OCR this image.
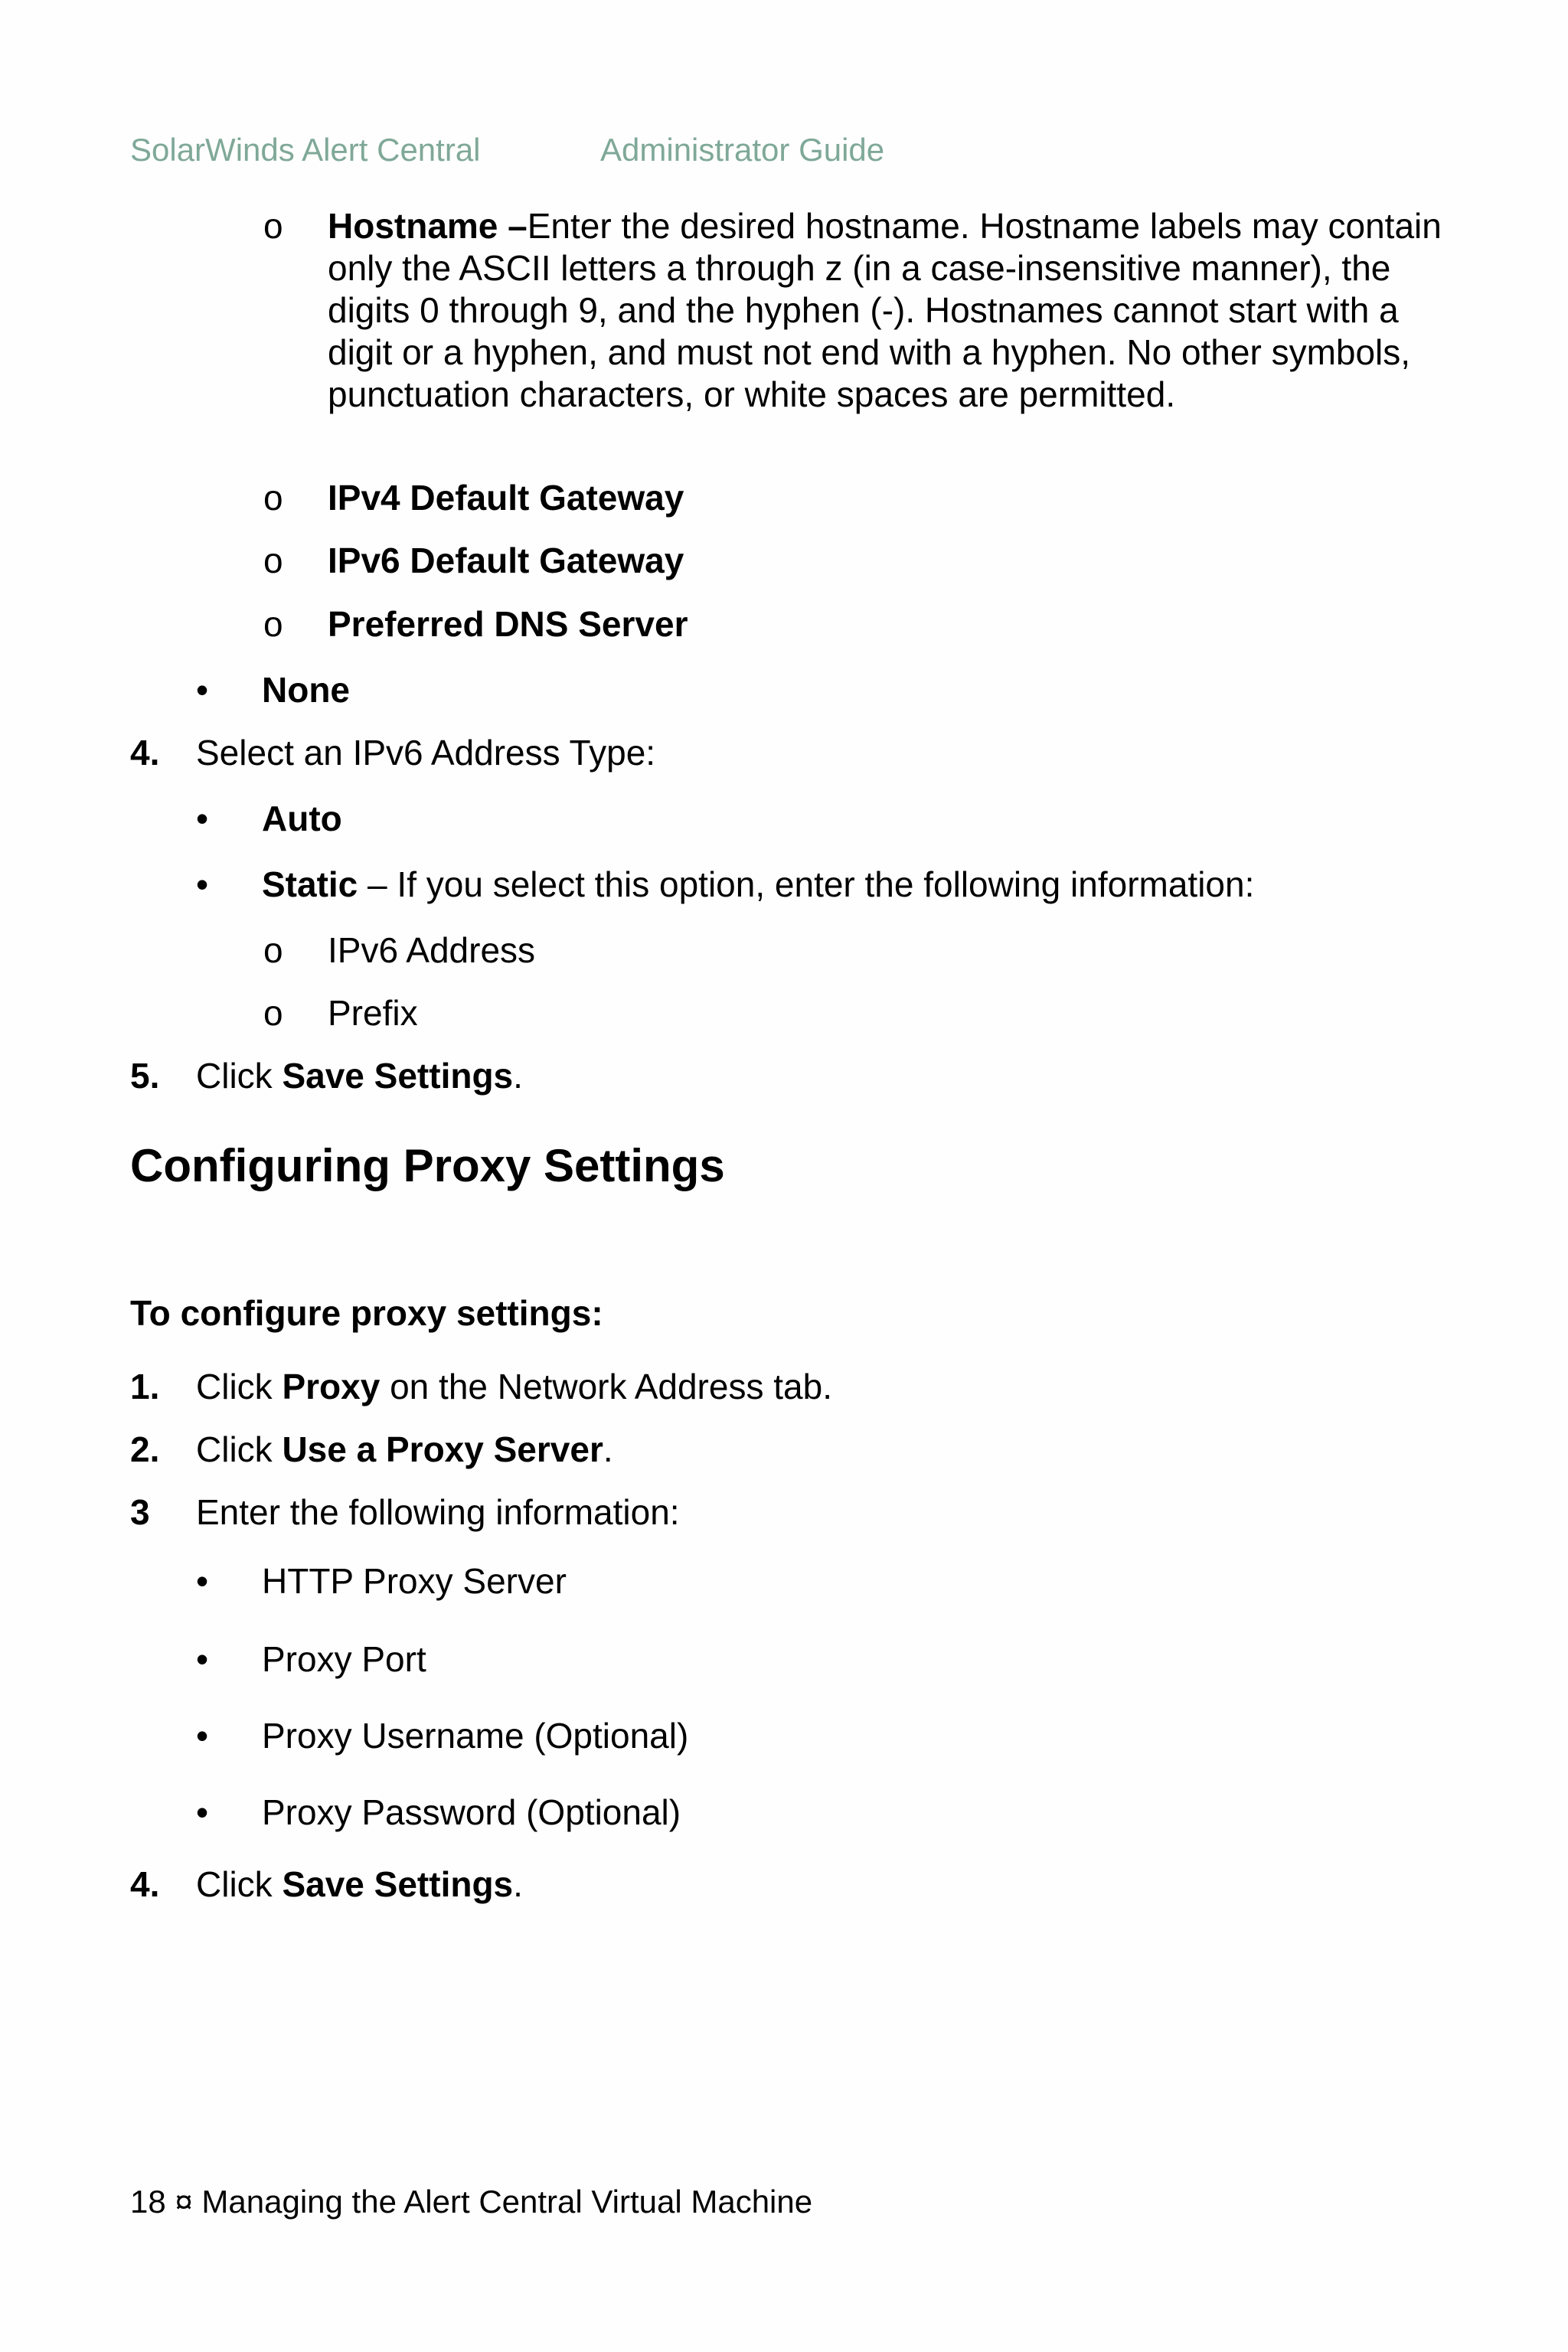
SolarWinds Alert Central	Administrator Guide
o Hostname –Enter the desired hostname. Hostname labels may contain only the ASCII letters a through z (in a case-insensitive manner), the digits 0 through 9, and the hyphen (-). Hostnames cannot start with a digit or a hyphen, and must not end with a hyphen. No other symbols, punctuation characters, or white spaces are permitted.
o IPv4 Default Gateway
o IPv6 Default Gateway
o Preferred DNS Server
• None
4. Select an IPv6 Address Type:
• Auto
• Static – If you select this option, enter the following information:
o IPv6 Address
o Prefix
5. Click Save Settings.
Configuring Proxy Settings
To configure proxy settings:
1. Click Proxy on the Network Address tab.
2. Click Use a Proxy Server.
3 Enter the following information:
• HTTP Proxy Server
• Proxy Port
• Proxy Username (Optional)
• Proxy Password (Optional)
4. Click Save Settings.
18 ¤ Managing the Alert Central Virtual Machine
